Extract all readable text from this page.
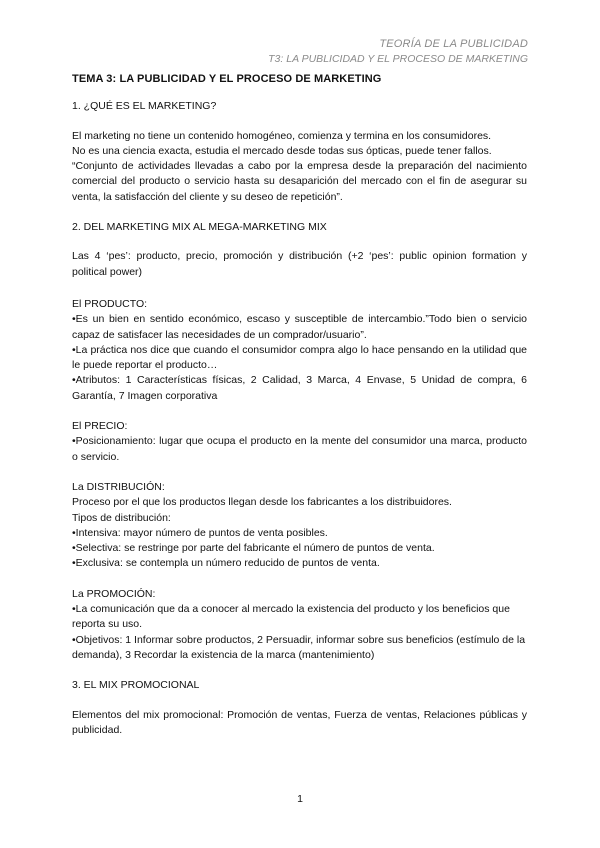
TEORÍA DE LA PUBLICIDAD
T3: LA PUBLICIDAD Y EL PROCESO DE MARKETING

TEMA 3: LA PUBLICIDAD Y EL PROCESO DE MARKETING

1. ¿QUÉ ES EL MARKETING?

El marketing no tiene un contenido homogéneo, comienza y termina en los consumidores.

No es una ciencia exacta, estudia el mercado desde todas sus ópticas, puede tener fallos.

“Conjunto de actividades llevadas a cabo por la empresa desde la preparación del nacimiento comercial del producto o servicio hasta su desaparición del mercado con el fin de asegurar su venta, la satisfacción del cliente y su deseo de repetición”.

2. DEL MARKETING MIX AL MEGA-MARKETING MIX

Las 4 ‘pes’: producto, precio, promoción y distribución (+2 ‘pes’: public opinion formation y political power)

El PRODUCTO:

•Es un bien en sentido económico, escaso y susceptible de intercambio.”Todo bien o servicio capaz de satisfacer las necesidades de un comprador/usuario”.

•La práctica nos dice que cuando el consumidor compra algo lo hace pensando en la utilidad que le puede reportar el producto…

•Atributos: 1 Características físicas, 2 Calidad, 3 Marca, 4 Envase, 5 Unidad de compra, 6 Garantía, 7 Imagen corporativa

El PRECIO:

•Posicionamiento: lugar que ocupa el producto en la mente del consumidor una marca, producto o servicio.

La DISTRIBUCIÓN:

Proceso por el que los productos llegan desde los fabricantes a los distribuidores.

Tipos de distribución:

•Intensiva: mayor número de puntos de venta posibles.

•Selectiva: se restringe por parte del fabricante el número de puntos de venta.

•Exclusiva: se contempla un número reducido de puntos de venta.

La PROMOCIÓN:

•La comunicación que da a conocer al mercado la existencia del producto y los beneficios que reporta su uso.

•Objetivos: 1 Informar sobre productos, 2 Persuadir, informar sobre sus beneficios (estímulo de la demanda), 3 Recordar la existencia de la marca (mantenimiento)

3. EL MIX PROMOCIONAL

Elementos del mix promocional: Promoción de ventas, Fuerza de ventas, Relaciones públicas y publicidad.

1
